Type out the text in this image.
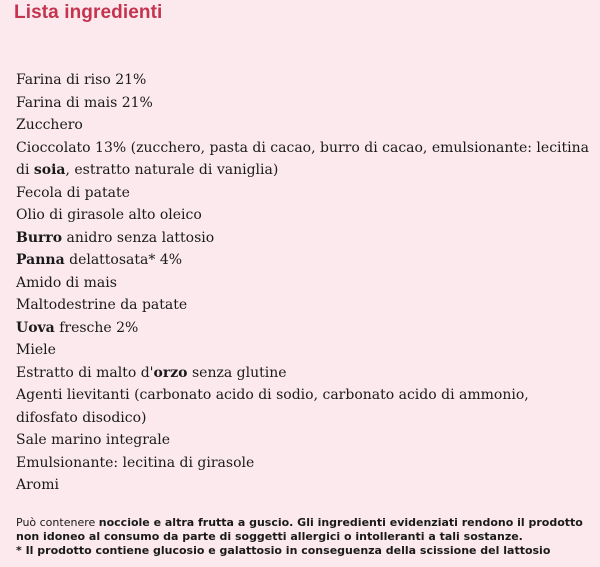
Lista ingredienti
Farina di riso 21%
Farina di mais 21%
Zucchero
Cioccolato 13% (zucchero, pasta di cacao, burro di cacao, emulsionante: lecitina di soia, estratto naturale di vaniglia)
Fecola di patate
Olio di girasole alto oleico
Burro anidro senza lattosio
Panna delattosata* 4%
Amido di mais
Maltodestrine da patate
Uova fresche 2%
Miele
Estratto di malto d'orzo senza glutine
Agenti lievitanti (carbonato acido di sodio, carbonato acido di ammonio, difosfato disodico)
Sale marino integrale
Emulsionante: lecitina di girasole
Aromi
Può contenere nocciole e altra frutta a guscio. Gli ingredienti evidenziati rendono il prodotto non idoneo al consumo da parte di soggetti allergici o intolleranti a tali sostanze.
* Il prodotto contiene glucosio e galattosio in conseguenza della scissione del lattosio
